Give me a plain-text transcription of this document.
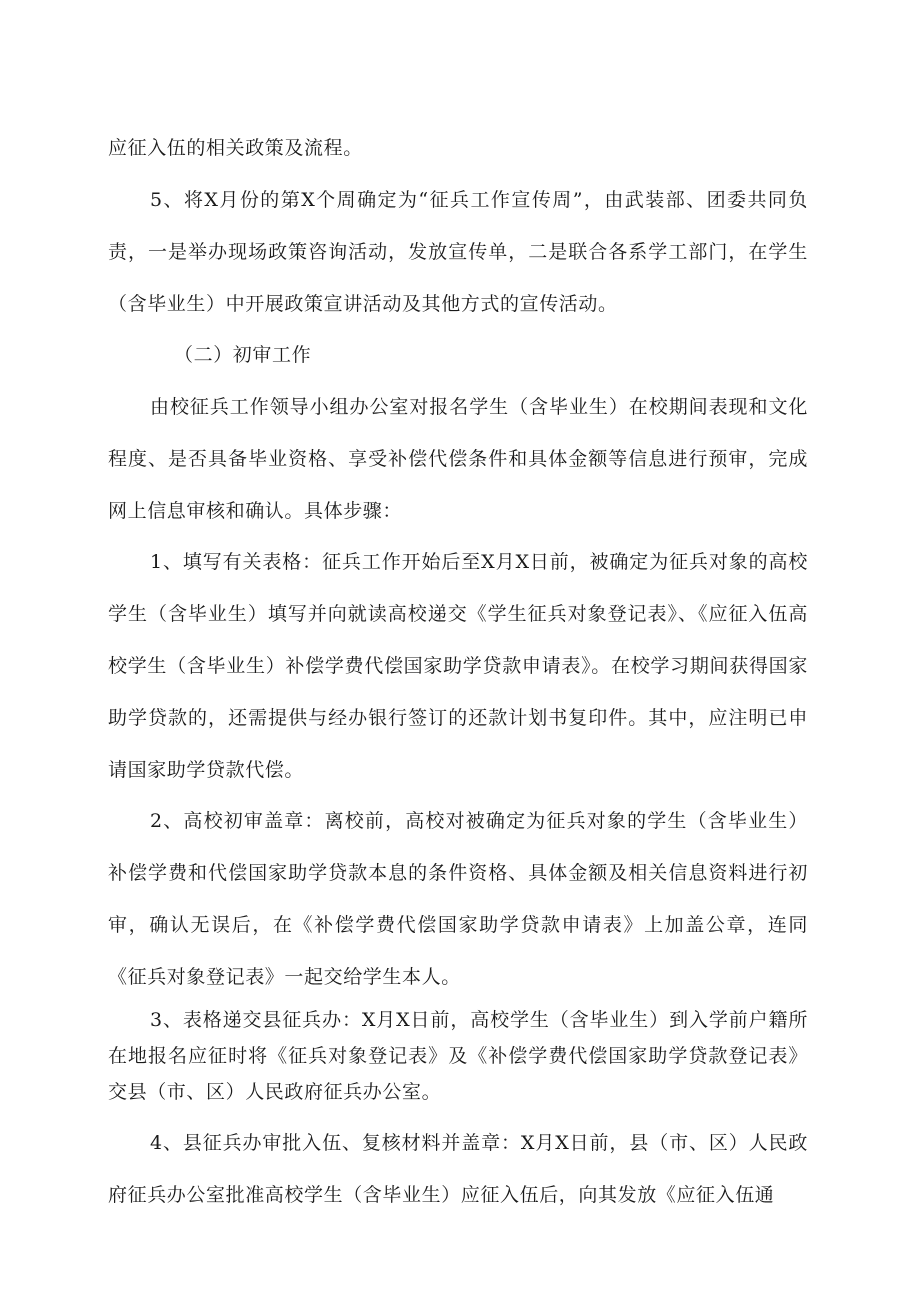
应征入伍的相关政策及流程。

5、将X月份的第X个周确定为“征兵工作宣传周”，由武装部、团委共同负责，一是举办现场政策咨询活动，发放宣传单，二是联合各系学工部门，在学生（含毕业生）中开展政策宣讲活动及其他方式的宣传活动。

（二）初审工作

由校征兵工作领导小组办公室对报名学生（含毕业生）在校期间表现和文化程度、是否具备毕业资格、享受补偿代偿条件和具体金额等信息进行预审，完成网上信息审核和确认。具体步骤：

1、填写有关表格：征兵工作开始后至X月X日前，被确定为征兵对象的高校学生（含毕业生）填写并向就读高校递交《学生征兵对象登记表》、《应征入伍高校学生（含毕业生）补偿学费代偿国家助学贷款申请表》。在校学习期间获得国家助学贷款的，还需提供与经办银行签订的还款计划书复印件。其中，应注明已申请国家助学贷款代偿。

2、高校初审盖章：离校前，高校对被确定为征兵对象的学生（含毕业生）补偿学费和代偿国家助学贷款本息的条件资格、具体金额及相关信息资料进行初审，确认无误后，在《补偿学费代偿国家助学贷款申请表》上加盖公章，连同《征兵对象登记表》一起交给学生本人。

3、表格递交县征兵办：X月X日前，高校学生（含毕业生）到入学前户籍所在地报名应征时将《征兵对象登记表》及《补偿学费代偿国家助学贷款登记表》交县（市、区）人民政府征兵办公室。

4、县征兵办审批入伍、复核材料并盖章：X月X日前，县（市、区）人民政府征兵办公室批准高校学生（含毕业生）应征入伍后，向其发放《应征入伍通
